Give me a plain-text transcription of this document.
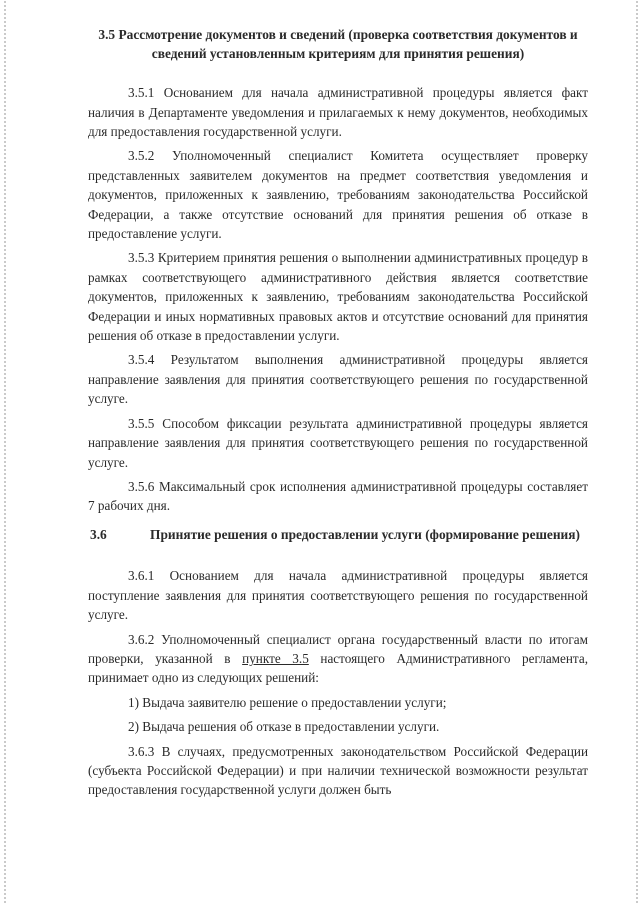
3.5 Рассмотрение документов и сведений (проверка соответствия документов и сведений установленным критериям для принятия решения)

3.5.1 Основанием для начала административной процедуры является факт наличия в Департаменте уведомления и прилагаемых к нему документов, необходимых для предоставления государственной услуги.

3.5.2 Уполномоченный специалист Комитета осуществляет проверку представленных заявителем документов на предмет соответствия уведомления и документов, приложенных к заявлению, требованиям законодательства Российской Федерации, а также отсутствие оснований для принятия решения об отказе в предоставление услуги.

3.5.3 Критерием принятия решения о выполнении административных процедур в рамках соответствующего административного действия является соответствие документов, приложенных к заявлению, требованиям законодательства Российской Федерации и иных нормативных правовых актов и отсутствие оснований для принятия решения об отказе в предоставлении услуги.

3.5.4 Результатом выполнения административной процедуры является направление заявления для принятия соответствующего решения по государственной услуге.

3.5.5 Способом фиксации результата административной процедуры является направление заявления для принятия соответствующего решения по государственной услуге.

3.5.6 Максимальный срок исполнения административной процедуры составляет 7 рабочих дня.

3.6	Принятие решения о предоставлении услуги (формирование решения)

3.6.1 Основанием для начала административной процедуры является поступление заявления для принятия соответствующего решения по государственной услуге.

3.6.2 Уполномоченный специалист органа государственный власти по итогам проверки, указанной в пункте 3.5 настоящего Административного регламента, принимает одно из следующих решений:

1) Выдача заявителю решение о предоставлении услуги;

2) Выдача решения об отказе в предоставлении услуги.

3.6.3 В случаях, предусмотренных законодательством Российской Федерации (субъекта Российской Федерации) и при наличии технической возможности результат предоставления государственной услуги должен быть
